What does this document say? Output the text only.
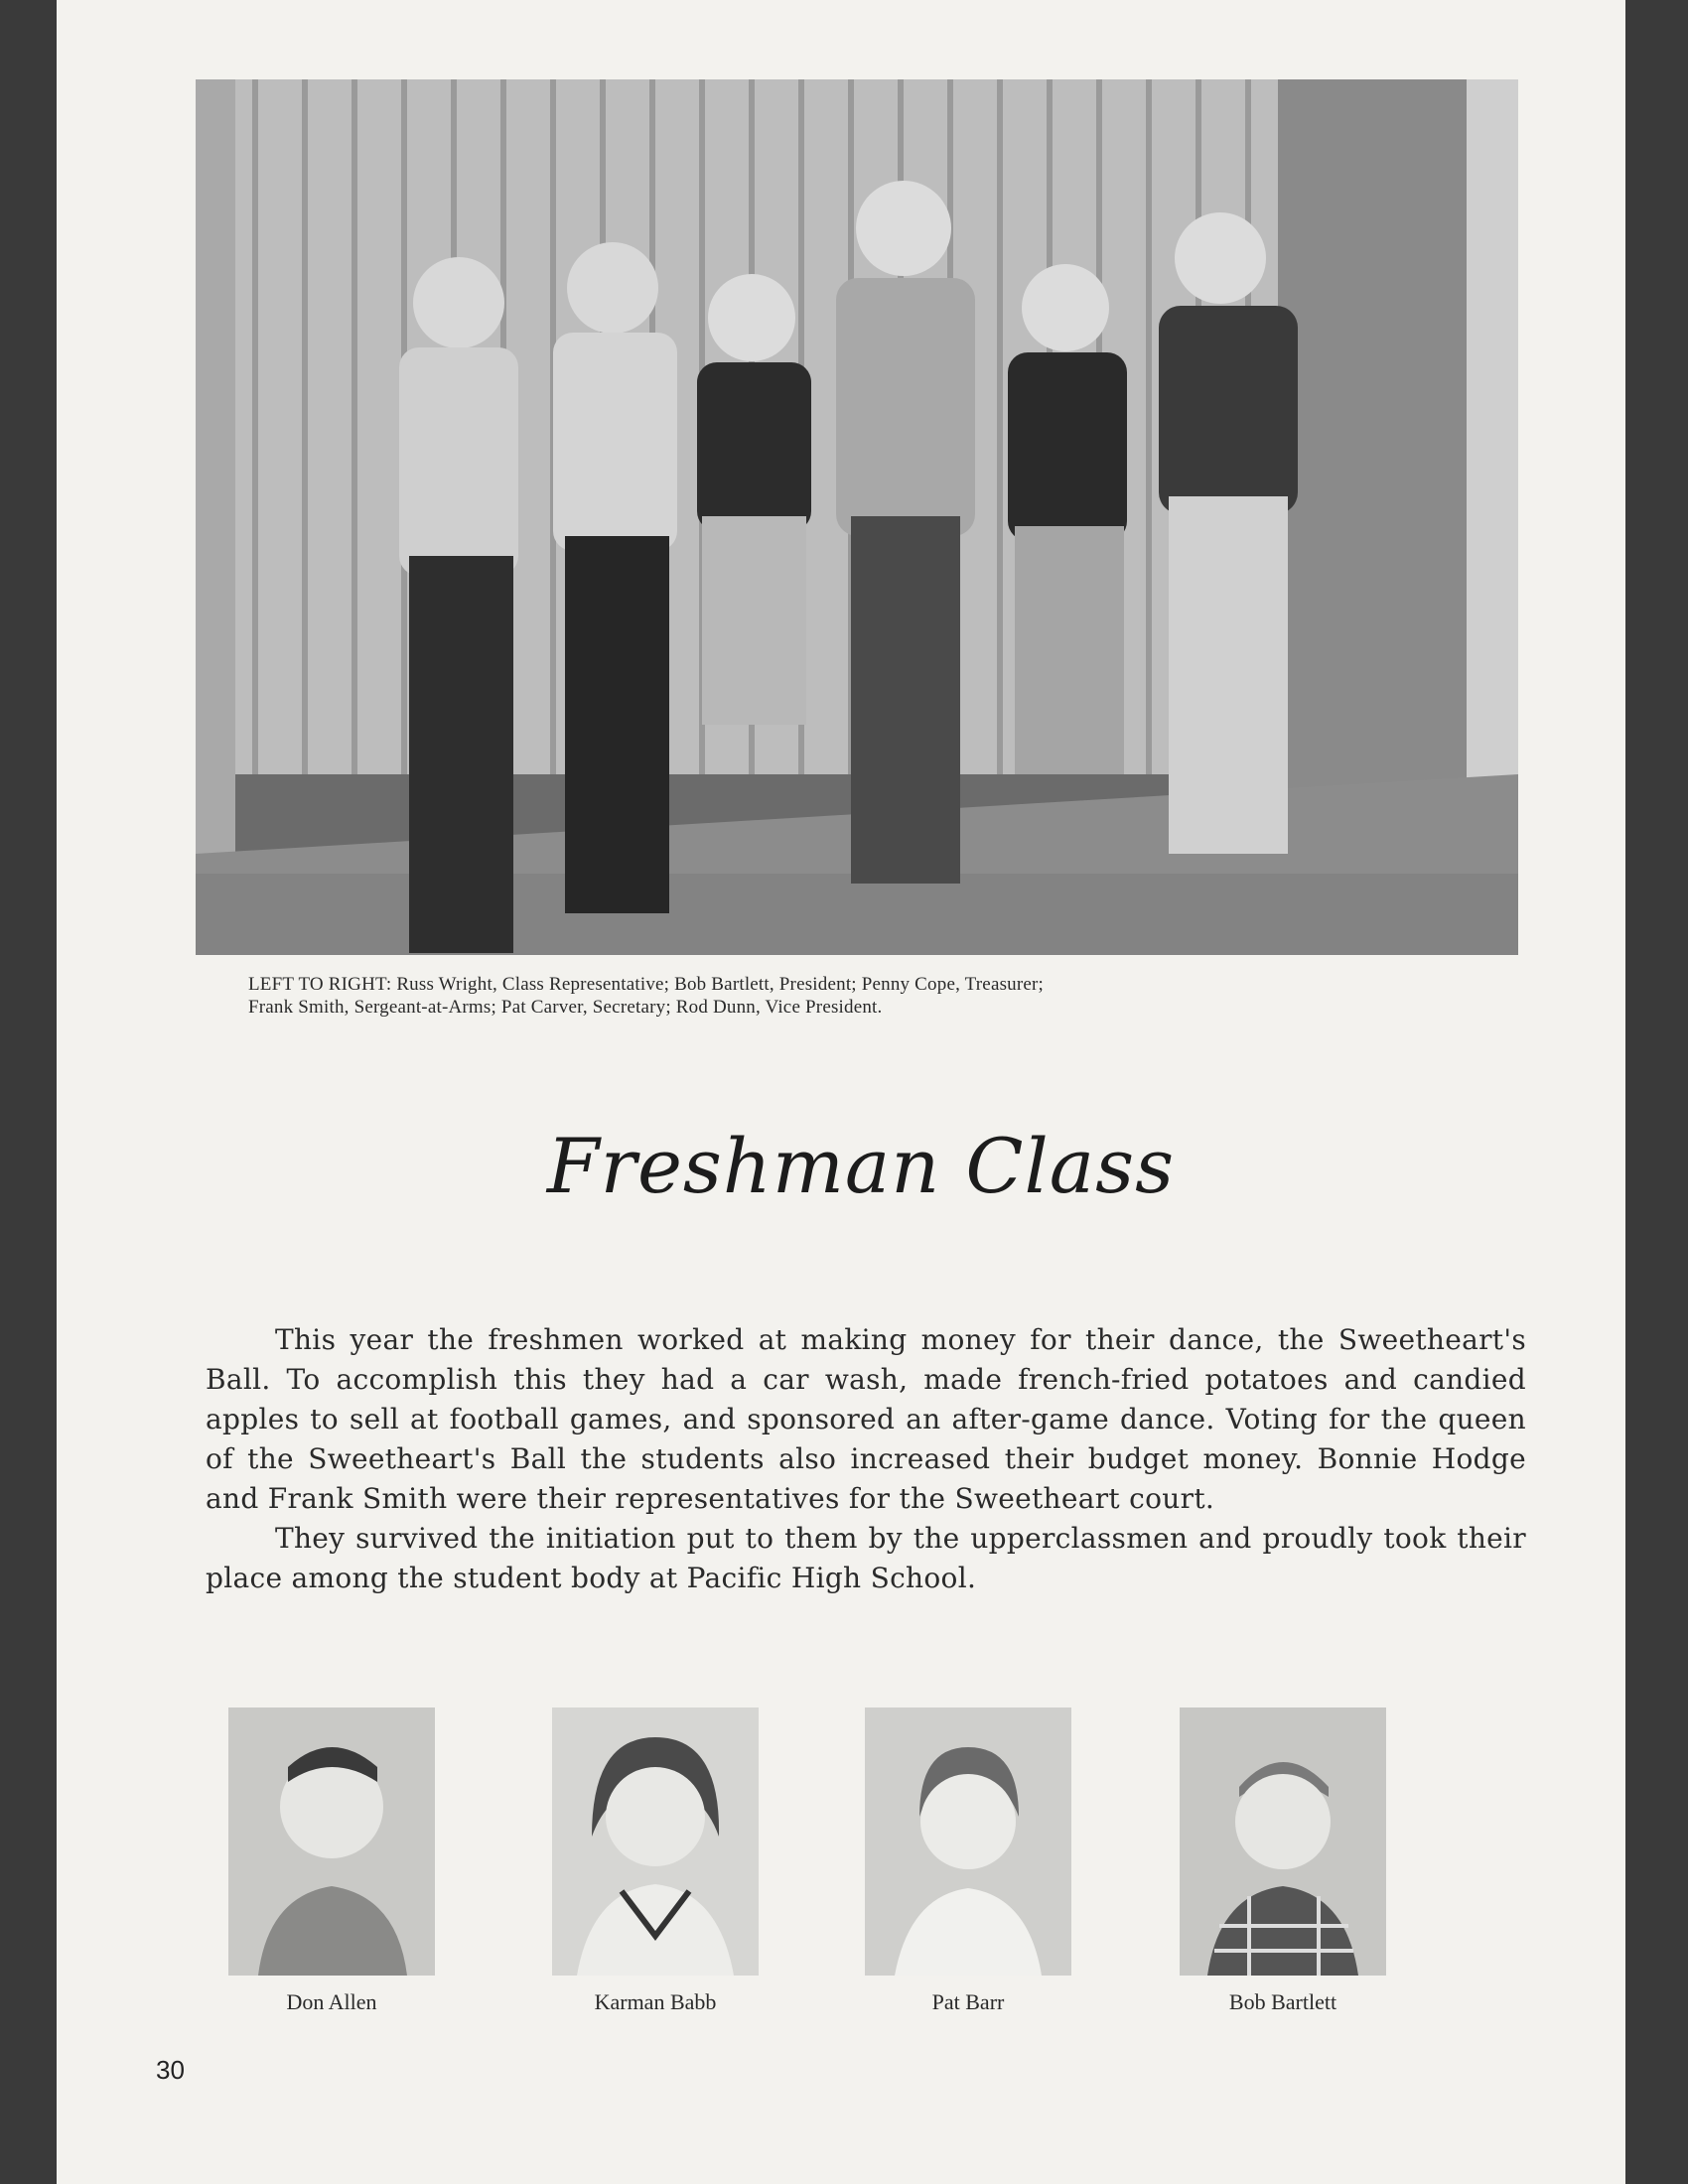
LEFT TO RIGHT: Russ Wright, Class Representative; Bob Bartlett, President; Penny Cope, Treasurer;

Frank Smith, Sergeant-at-Arms; Pat Carver, Secretary; Rod Dunn, Vice President.

Freshman Class

This year the freshmen worked at making money for their dance, the Sweetheart's Ball. To accomplish this they had a car wash, made french-fried potatoes and candied apples to sell at football games, and sponsored an after-game dance. Voting for the queen of the Sweetheart's Ball the students also increased their budget money. Bonnie Hodge and Frank Smith were their representatives for the Sweetheart court.

They survived the initiation put to them by the upperclassmen and proudly took their place among the student body at Pacific High School.

Don Allen	Karman Babb	Pat Barr	Bob Bartlett
30
